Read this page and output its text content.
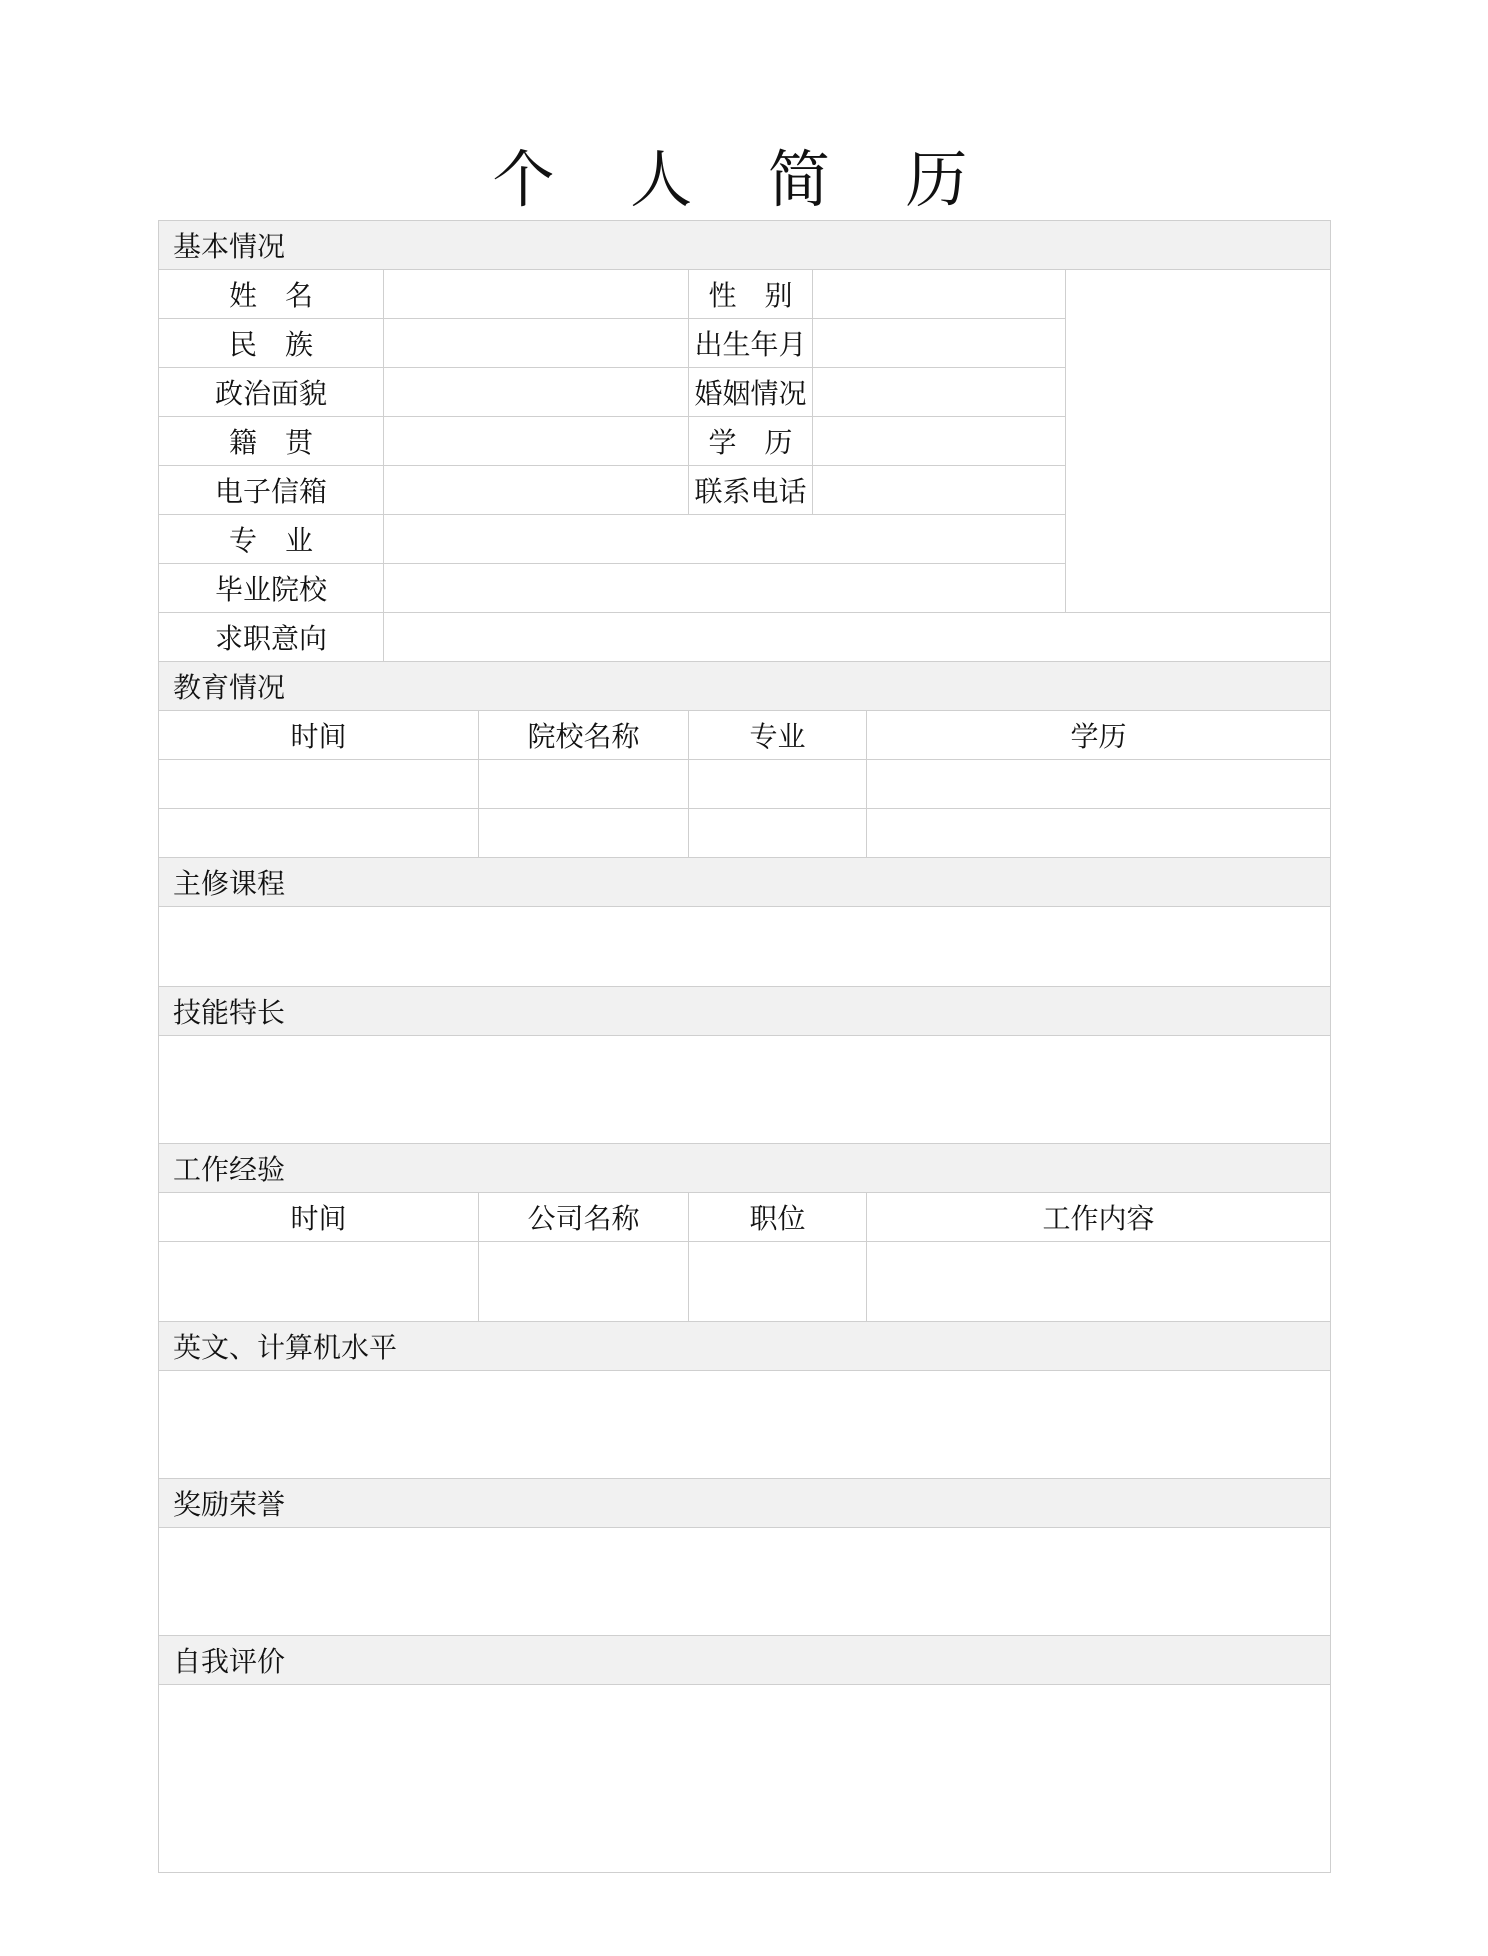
个 人 简 历
基本情况						
姓　名			性　别			
民　族			出生年月			
政治面貌			婚姻情况			
籍　贯			学　历			
电子信箱			联系电话			
专　业						
毕业院校						
求职意向						
教育情况						
时间		院校名称	专业		学历	

主修课程						

技能特长						

工作经验						
时间		公司名称	职位		工作内容	

英文、计算机水平						

奖励荣誉						

自我评价						
